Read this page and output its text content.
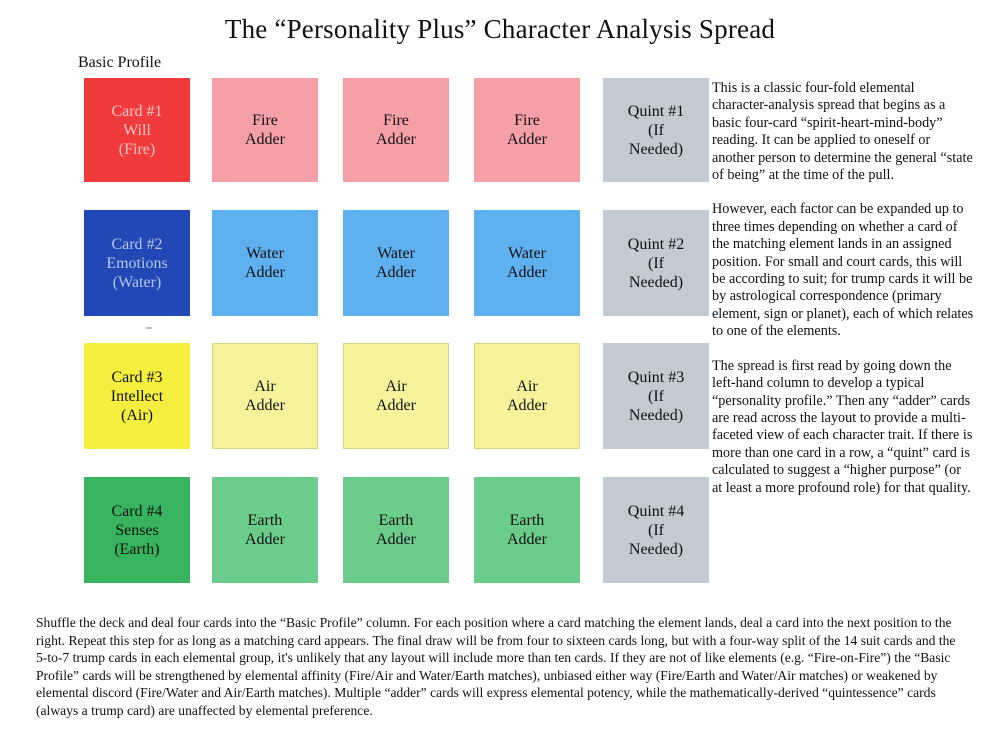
The “Personality Plus” Character Analysis Spread
Basic Profile
Card #1
Will
(Fire)
Fire
Adder
Fire
Adder
Fire
Adder
Quint #1
(If
Needed)
Card #2
Emotions
(Water)
Water
Adder
Water
Adder
Water
Adder
Quint #2
(If
Needed)
Card #3
Intellect
(Air)
Air
Adder
Air
Adder
Air
Adder
Quint #3
(If
Needed)
Card #4
Senses
(Earth)
Earth
Adder
Earth
Adder
Earth
Adder
Quint #4
(If
Needed)

This is a classic four-fold elemental character-analysis spread that begins as a basic four-card “spirit-heart-mind-body” reading. It can be applied to oneself or another person to determine the general “state of being” at the time of the pull.

However, each factor can be expanded up to three times depending on whether a card of the matching element lands in an assigned position. For small and court cards, this will be according to suit; for trump cards it will be by astrological correspondence (primary element, sign or planet), each of which relates to one of the elements.

The spread is first read by going down the left-hand column to develop a typical “personality profile.” Then any “adder” cards are read across the layout to provide a multi-faceted view of each character trait. If there is more than one card in a row, a “quint” card is calculated to suggest a “higher purpose” (or at least a more profound role) for that quality.

Shuffle the deck and deal four cards into the “Basic Profile” column. For each position where a card matching the element lands, deal a card into the next position to the right. Repeat this step for as long as a matching card appears. The final draw will be from four to sixteen cards long, but with a four-way split of the 14 suit cards and the 5-to-7 trump cards in each elemental group, it's unlikely that any layout will include more than ten cards. If they are not of like elements (e.g. “Fire-on-Fire”) the “Basic Profile” cards will be strengthened by elemental affinity (Fire/Air and Water/Earth matches), unbiased either way (Fire/Earth and Water/Air matches) or weakened by elemental discord (Fire/Water and Air/Earth matches). Multiple “adder” cards will express elemental potency, while the mathematically-derived “quintessence” cards (always a trump card) are unaffected by elemental preference.
